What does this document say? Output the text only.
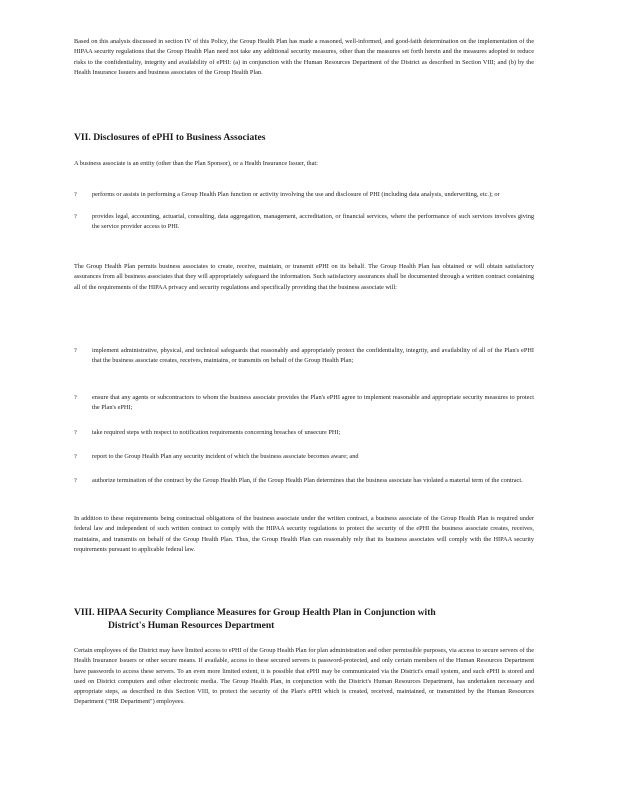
Based on this analysis discussed in section IV of this Policy, the Group Health Plan has made a reasoned, well-informed, and good-faith determination on the implementation of the HIPAA security regulations that the Group Health Plan need not take any additional security measures, other than the measures set forth herein and the measures adopted to reduce risks to the confidentiality, integrity and availability of ePHI: (a) in conjunction with the Human Resources Department of the District as described in Section VIII; and (b) by the Health Insurance Issuers and business associates of the Group Health Plan.

VII. Disclosures of ePHI to Business Associates

A business associate is an entity (other than the Plan Sponsor), or a Health Insurance Issuer, that:

? performs or assists in performing a Group Health Plan function or activity involving the use and disclosure of PHI (including data analysis, underwriting, etc.); or

? provides legal, accounting, actuarial, consulting, data aggregation, management, accreditation, or financial services, where the performance of such services involves giving the service provider access to PHI.

The Group Health Plan permits business associates to create, receive, maintain, or transmit ePHI on its behalf. The Group Health Plan has obtained or will obtain satisfactory assurances from all business associates that they will appropriately safeguard the information. Such satisfactory assurances shall be documented through a written contract containing all of the requirements of the HIPAA privacy and security regulations and specifically providing that the business associate will:

? implement administrative, physical, and technical safeguards that reasonably and appropriately protect the confidentiality, integrity, and availability of all of the Plan's ePHI that the business associate creates, receives, maintains, or transmits on behalf of the Group Health Plan;

? ensure that any agents or subcontractors to whom the business associate provides the Plan's ePHI agree to implement reasonable and appropriate security measures to protect the Plan's ePHI;

? take required steps with respect to notification requirements concerning breaches of unsecure PHI;

? report to the Group Health Plan any security incident of which the business associate becomes aware; and

? authorize termination of the contract by the Group Health Plan, if the Group Health Plan determines that the business associate has violated a material term of the contract.

In addition to these requirements being contractual obligations of the business associate under the written contract, a business associate of the Group Health Plan is required under federal law and independent of such written contract to comply with the HIPAA security regulations to protect the security of the ePHI the business associate creates, receives, maintains, and transmits on behalf of the Group Health Plan. Thus, the Group Health Plan can reasonably rely that its business associates will comply with the HIPAA security requirements pursuant to applicable federal law.

VIII. HIPAA Security Compliance Measures for Group Health Plan in Conjunction with
District's Human Resources Department

Certain employees of the District may have limited access to ePHI of the Group Health Plan for plan administration and other permissible purposes, via access to secure servers of the Health Insurance Issuers or other secure means. If available, access to these secured servers is password-protected, and only certain members of the Human Resources Department have passwords to access these servers. To an even more limited extent, it is possible that ePHI may be communicated via the District's email system, and such ePHI is stored and used on District computers and other electronic media. The Group Health Plan, in conjunction with the District's Human Resources Department, has undertaken necessary and appropriate steps, as described in this Section VIII, to protect the security of the Plan's ePHI which is created, received, maintained, or transmitted by the Human Resources Department ("HR Department") employees.
